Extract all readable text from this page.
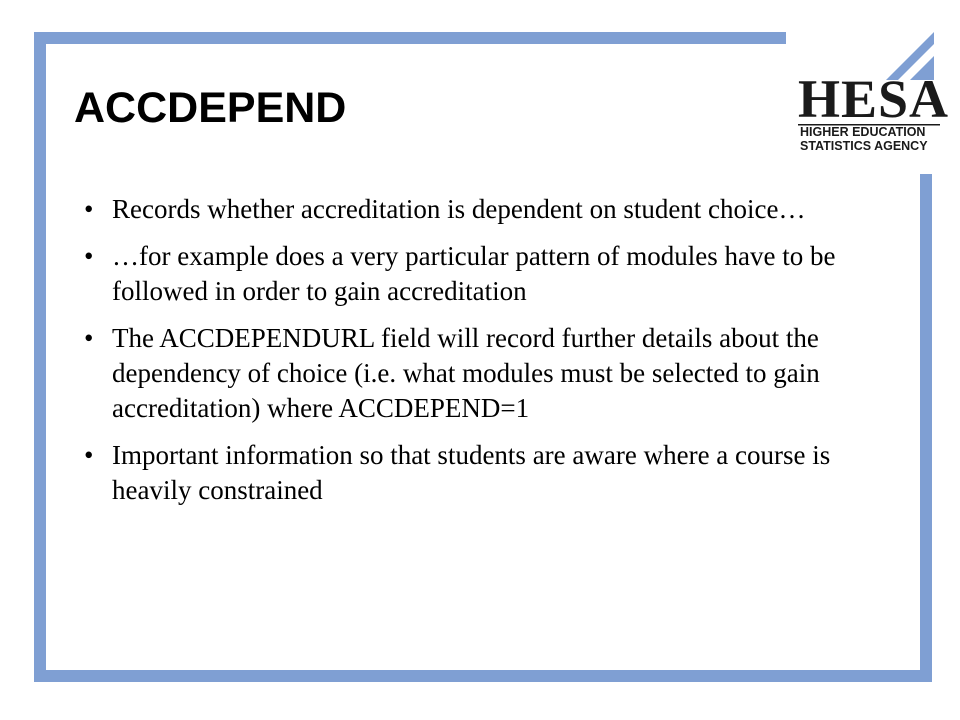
HESA
HIGHER EDUCATION
STATISTICS AGENCY
ACCDEPEND
• Records whether accreditation is dependent on student choice…
• …for example does a very particular pattern of modules have to be followed in order to gain accreditation
• The ACCDEPENDURL field will record further details about the dependency of choice (i.e. what modules must be selected to gain accreditation) where ACCDEPEND=1
• Important information so that students are aware where a course is heavily constrained
